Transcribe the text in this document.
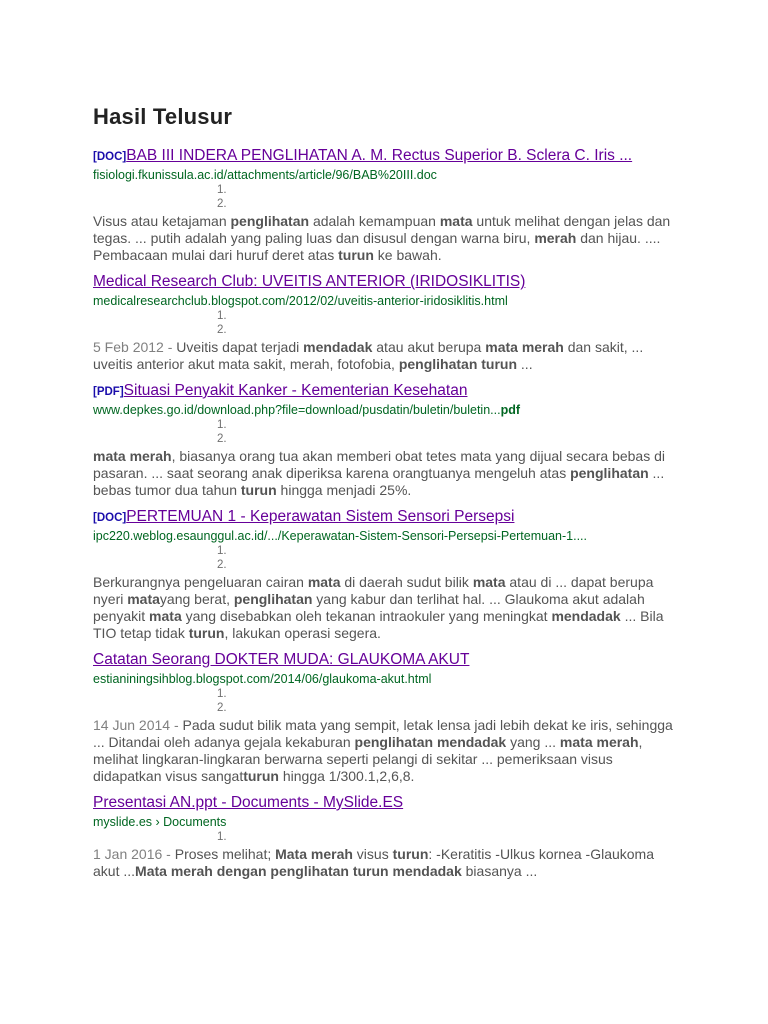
Hasil Telusur
[DOC]BAB III INDERA PENGLIHATAN A. M. Rectus Superior B. Sclera C. Iris ...
fisiologi.fkunissula.ac.id/attachments/article/96/BAB%20III.doc
1.
2.
Visus atau ketajaman penglihatan adalah kemampuan mata untuk melihat dengan jelas dan tegas. ... putih adalah yang paling luas dan disusul dengan warna biru, merah dan hijau. .... Pembacaan mulai dari huruf deret atas turun ke bawah.
Medical Research Club: UVEITIS ANTERIOR (IRIDOSIKLITIS)
medicalresearchclub.blogspot.com/2012/02/uveitis-anterior-iridosiklitis.html
1.
2.
5 Feb 2012 - Uveitis dapat terjadi mendadak atau akut berupa mata merah dan sakit, ... uveitis anterior akut mata sakit, merah, fotofobia, penglihatan turun ...
[PDF]Situasi Penyakit Kanker - Kementerian Kesehatan
www.depkes.go.id/download.php?file=download/pusdatin/buletin/buletin...pdf
1.
2.
mata merah, biasanya orang tua akan memberi obat tetes mata yang dijual secara bebas di pasaran. ... saat seorang anak diperiksa karena orangtuanya mengeluh atas penglihatan ... bebas tumor dua tahun turun hingga menjadi 25%.
[DOC]PERTEMUAN 1 - Keperawatan Sistem Sensori Persepsi
ipc220.weblog.esaunggul.ac.id/.../Keperawatan-Sistem-Sensori-Persepsi-Pertemuan-1....
1.
2.
Berkurangnya pengeluaran cairan mata di daerah sudut bilik mata atau di ... dapat berupa nyeri matayang berat, penglihatan yang kabur dan terlihat hal. ... Glaukoma akut adalah penyakit mata yang disebabkan oleh tekanan intraokuler yang meningkat mendadak ... Bila TIO tetap tidak turun, lakukan operasi segera.
Catatan Seorang DOKTER MUDA: GLAUKOMA AKUT
estianiningsihblog.blogspot.com/2014/06/glaukoma-akut.html
1.
2.
14 Jun 2014 - Pada sudut bilik mata yang sempit, letak lensa jadi lebih dekat ke iris, sehingga ... Ditandai oleh adanya gejala kekaburan penglihatan mendadak yang ... mata merah, melihat lingkaran-lingkaran berwarna seperti pelangi di sekitar ... pemeriksaan visus didapatkan visus sangatturun hingga 1/300.1,2,6,8.
Presentasi AN.ppt - Documents - MySlide.ES
myslide.es › Documents
1.
1 Jan 2016 - Proses melihat; Mata merah visus turun: -Keratitis -Ulkus kornea -Glaukoma akut ...Mata merah dengan penglihatan turun mendadak biasanya ...
